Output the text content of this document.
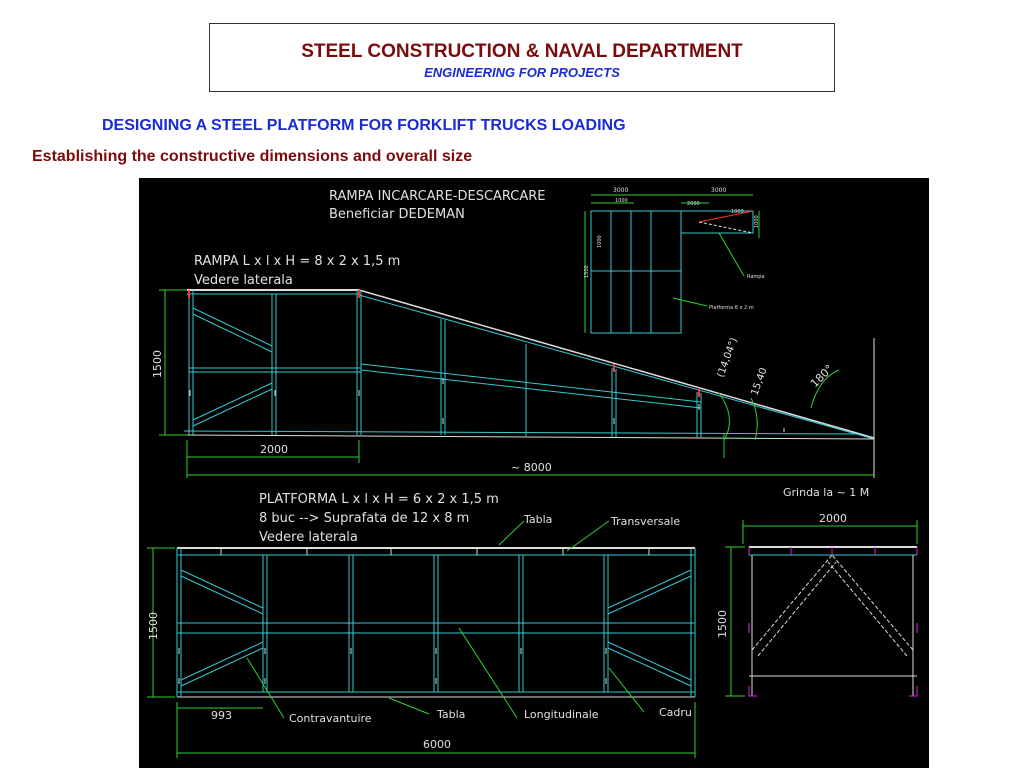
STEEL CONSTRUCTION & NAVAL DEPARTMENT
ENGINEERING FOR PROJECTS
DESIGNING A STEEL PLATFORM FOR FORKLIFT TRUCKS LOADING
Establishing the constructive dimensions and overall size
RAMPA INCARCARE-DESCARCARE
Beneficiar DEDEMAN
RAMPA L x l x H = 8 x 2 x 1,5 m
Vedere laterala
1500
2000
~ 8000
(14,04°)
15,40	180°
Grinda la ~ 1 M
3000	3000
1000	2000
1000
1500
1000
1000
Rampa
Platforma 6 x 2 m
PLATFORMA L x l x H = 6 x 2 x 1,5 m
8 buc --> Suprafata de 12 x 8 m
Vedere laterala
Tabla	Transversale
1500
Contravantuire	Tabla	Longitudinale	Cadru
993
6000
2000
1500
